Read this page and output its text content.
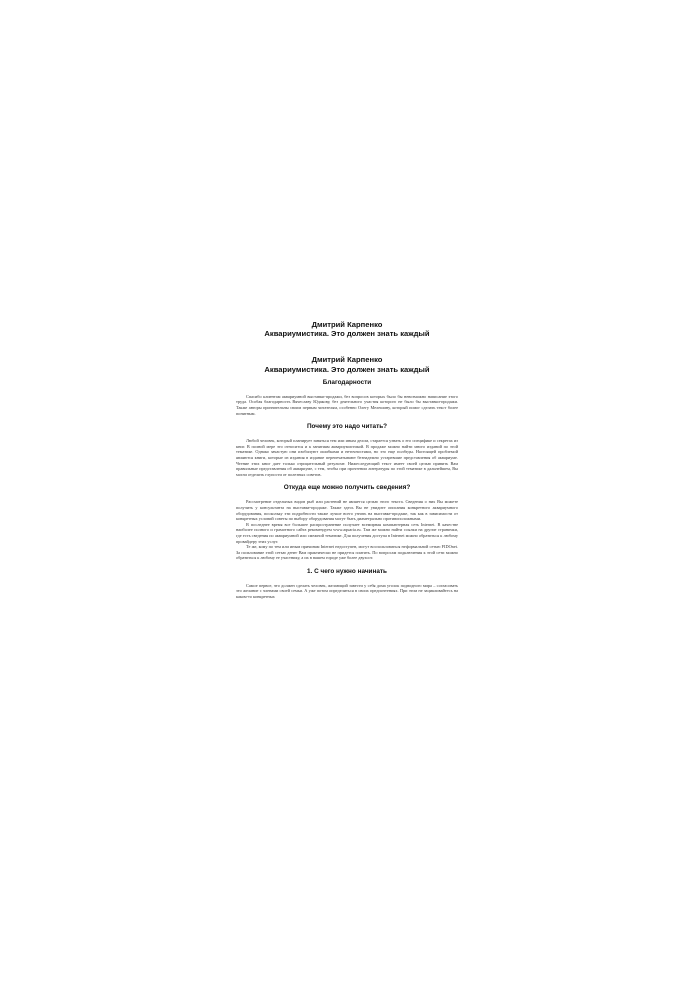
Дмитрий Карпенко
Аквариумистика. Это должен знать каждый
Дмитрий Карпенко
Аквариумистика. Это должен знать каждый
Благодарности

Спасибо клиентам аквариумной выставки-продажи, без вопросов которых было бы невозможно написание этого труда. Особая благодарность Вячеславу Юдакову, без деятельного участия которого не было бы выставки-продажи. Также авторы признательны своим первым читателям, особенно Олегу Мелешину, который помог сделать текст более понятным.

Почему это надо читать?

Любой человек, который планирует заняться тем или иным делом, старается узнать о его специфике и секретах из книг. В полной мере это относится и к занятиям аквариумистикой. В продаже можно найти много изданий по этой тематике. Однако зачастую они изобилуют ошибками и неточностями, но это еще полбеды. Настоящей проблемой являются книги, которые из издания в издание перепечатывают безнадежно устаревшие представления об аквариуме. Чтение этих книг дает только отрицательный результат. Нижеследующий текст имеет своей целью привить Вам правильные представления об аквариуме, с тем, чтобы при прочтении литературы по этой тематике в дальнейшем, Вы могли отделить глупости от полезных советов.

Откуда еще можно получить сведения?

Рассмотрение отдельных видов рыб или растений не является целью этого текста. Сведения о них Вы можете получить у консультанта на выставке-продаже. Также здесь Вы не увидите описания конкретного аквариумного оборудования, поскольку эти подробности также лучше всего узнать на выставке-продаже, так как в зависимости от конкретных условий советы по выбору оборудования могут быть диаметрально противоположными.

В последнее время все большее распространение получает всемирная компьютерная сеть Internet. В качестве наиболее полного и грамотного сайта рекомендуем www.aquaria.ru. Там же можно найти ссылки на другие странички, где есть сведения по аквариумной или смежной тематике. Для получения доступа в Internet можно обратиться к любому провайдеру этих услуг.

Те же, кому по тем или иным причинам Internet недоступен, могут воспользоваться неформальной сетью FIDOnet. За пользование этой сетью денег Вам практически не придется платить. По вопросам подключения к этой сети можно обратиться к любому ее участнику, а их в вашем городе уже более двухсот.

1. С чего нужно начинать

Самое первое, что должен сделать человек, желающий завести у себя дома уголок подводного мира – согласовать это желание с членами своей семьи. А уже потом определиться в своих предпочтениях. При этом не зацикливайтесь на каком-то конкретных
